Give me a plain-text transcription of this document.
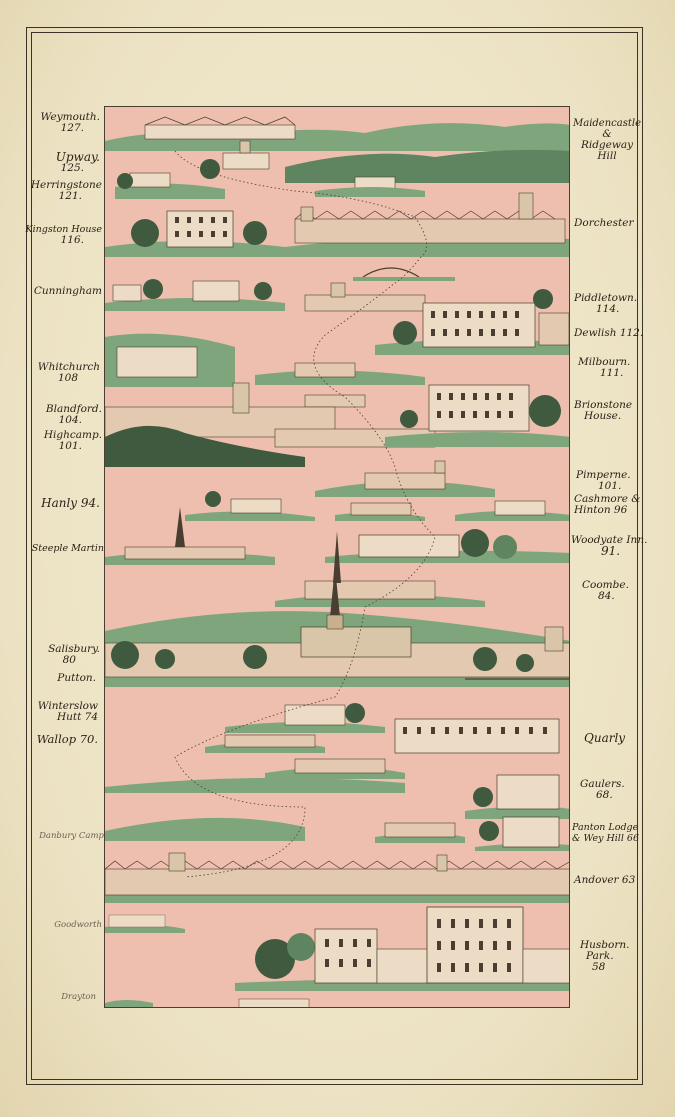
Weymouth.
127.
Upway.
125.
Herringstone
121.
Kingston House
116.
Cunningham
Whitchurch
108
Blandford.
104.
Highcamp.
101.
Hanly 94.
Steeple Martin
Salisbury.
80
Putton.
Winterslow
Hutt 74
Wallop 70.
Danbury Camp
Goodworth
Drayton
Maidencastle
&
Ridgeway
Hill
Dorchester
Piddletown.
114.
Dewlish 112.
Milbourn.
111.
Brionstone
House.
Pimperne.
101.
Cashmore &
Hinton 96
Woodyate Inn.
91.
Coombe.
84.
Quarly
Gaulers.
68.
Panton Lodge
& Wey Hill 66
Andover 63
Husborn.
Park.
58
